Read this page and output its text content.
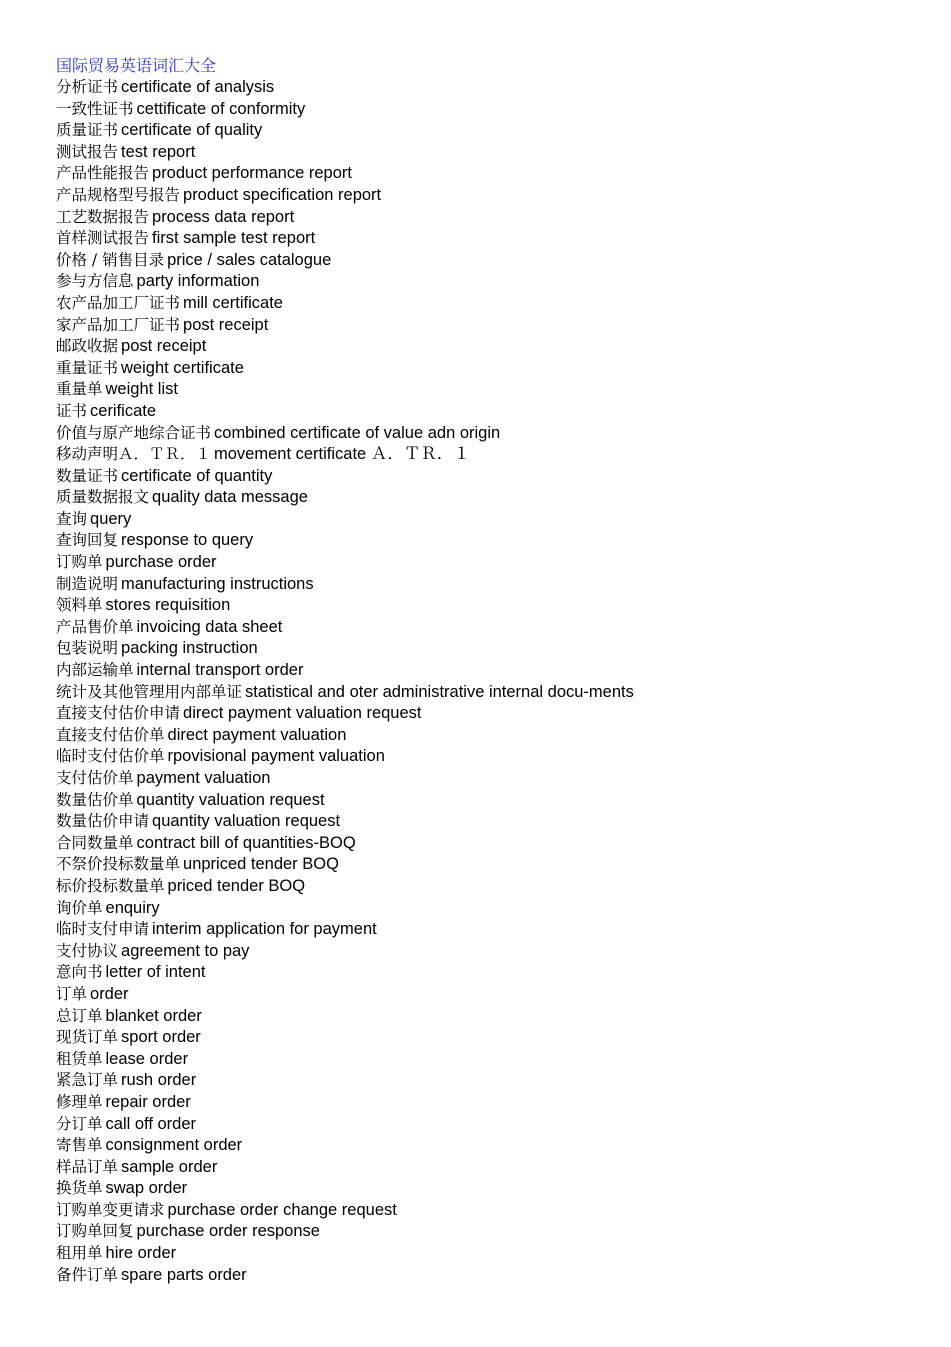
国际贸易英语词汇大全
分析证书 certificate of analysis
一致性证书 cettificate of conformity
质量证书 certificate of quality
测试报告 test report
产品性能报告 product performance report
产品规格型号报告 product specification report
工艺数据报告 process data report
首样测试报告 first sample test report
价格 / 销售目录 price / sales catalogue
参与方信息 party information
农产品加工厂证书 mill certificate
家产品加工厂证书 post receipt
邮政收据 post receipt
重量证书 weight certificate
重量单 weight list
证书 cerificate
价值与原产地综合证书 combined certificate of value adn origin
移动声明Ａ．ＴＲ．１ movement certificate Ａ．ＴＲ．１
数量证书 certificate of quantity
质量数据报文 quality data message
查询 query
查询回复 response to query
订购单 purchase order
制造说明 manufacturing instructions
领料单 stores requisition
产品售价单 invoicing data sheet
包装说明 packing instruction
内部运输单 internal transport order
统计及其他管理用内部单证 statistical and oter administrative internal docu-ments
直接支付估价申请 direct payment valuation request
直接支付估价单 direct payment valuation
临时支付估价单 rpovisional payment valuation
支付估价单 payment valuation
数量估价单 quantity valuation request
数量估价申请 quantity valuation request
合同数量单 contract bill of quantities-BOQ
不祭价投标数量单 unpriced tender BOQ
标价投标数量单 priced tender BOQ
询价单 enquiry
临时支付申请 interim application for payment
支付协议 agreement to pay
意向书 letter of intent
订单 order
总订单 blanket order
现货订单 sport order
租赁单 lease order
紧急订单 rush order
修理单 repair order
分订单 call off order
寄售单 consignment order
样品订单 sample order
换货单 swap order
订购单变更请求 purchase order change request
订购单回复 purchase order response
租用单 hire order
备件订单 spare parts order
